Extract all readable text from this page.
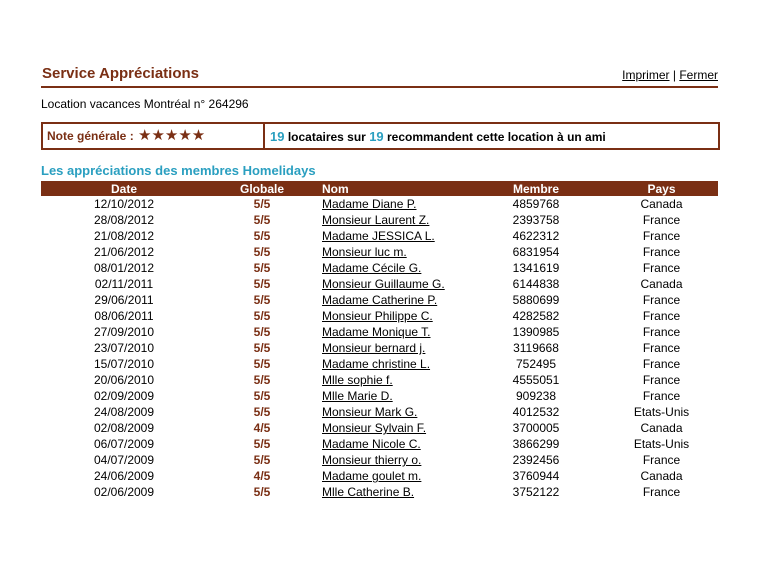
Service Appréciations	Imprimer | Fermer
Location vacances Montréal n° 264296
Note générale : ★★★★★	19 locataires sur 19 recommandent cette location à un ami
Les appréciations des membres Homelidays
Date	Globale	Nom	Membre	Pays
12/10/2012	5/5	Madame Diane P.	4859768	Canada
28/08/2012	5/5	Monsieur Laurent Z.	2393758	France
21/08/2012	5/5	Madame JESSICA L.	4622312	France
21/06/2012	5/5	Monsieur luc m.	6831954	France
08/01/2012	5/5	Madame Cécile G.	1341619	France
02/11/2011	5/5	Monsieur Guillaume G.	6144838	Canada
29/06/2011	5/5	Madame Catherine P.	5880699	France
08/06/2011	5/5	Monsieur Philippe C.	4282582	France
27/09/2010	5/5	Madame Monique T.	1390985	France
23/07/2010	5/5	Monsieur bernard j.	3119668	France
15/07/2010	5/5	Madame christine L.	752495	France
20/06/2010	5/5	Mlle sophie f.	4555051	France
02/09/2009	5/5	Mlle Marie D.	909238	France
24/08/2009	5/5	Monsieur Mark G.	4012532	Etats-Unis
02/08/2009	4/5	Monsieur Sylvain F.	3700005	Canada
06/07/2009	5/5	Madame Nicole C.	3866299	Etats-Unis
04/07/2009	5/5	Monsieur thierry o.	2392456	France
24/06/2009	4/5	Madame goulet m.	3760944	Canada
02/06/2009	5/5	Mlle Catherine B.	3752122	France
